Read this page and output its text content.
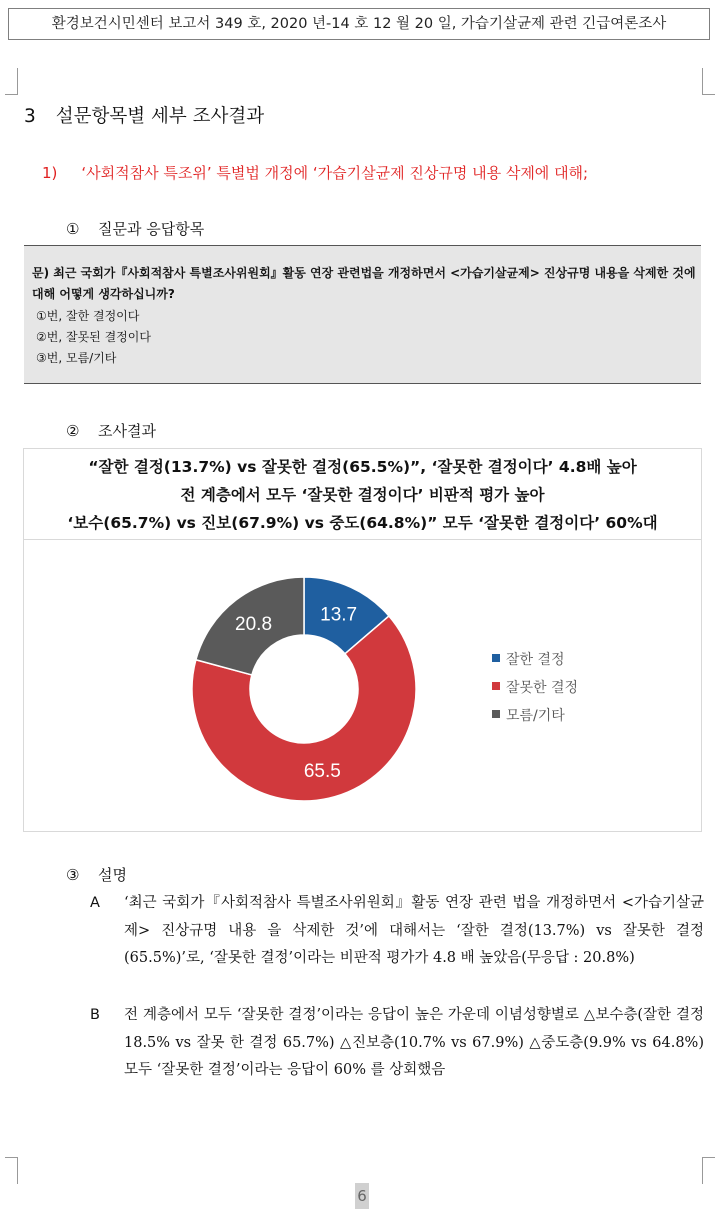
환경보건시민센터 보고서 349 호, 2020 년-14 호 12 월 20 일, 가습기살균제 관련 긴급여론조사
3 설문항목별 세부 조사결과
1) ‘사회적참사 특조위’ 특별법 개정에 ‘가습기살균제 진상규명 내용 삭제에 대해;
① 질문과 응답항목
문) 최근 국회가『사회적참사 특별조사위원회』활동 연장 관련법을 개정하면서 <가습기살균제> 진상규명 내용을 삭제한 것에 대해 어떻게 생각하십니까?
①번, 잘한 결정이다
②번, 잘못된 결정이다
③번, 모름/기타
② 조사결과
“잘한 결정(13.7%) vs 잘못한 결정(65.5%)”, ‘잘못한 결정이다’ 4.8배 높아
전 계층에서 모두 ‘잘못한 결정이다’ 비판적 평가 높아
‘보수(65.7%) vs 진보(67.9%) vs 중도(64.8%)” 모두 ‘잘못한 결정이다’ 60%대
13.7
65.5
20.8
잘한 결정
잘못한 결정
모름/기타
③ 설명
A ‘최근 국회가『사회적참사 특별조사위원회』활동 연장 관련 법을 개정하면서 <가습기살균제> 진상규명 내용 을 삭제한 것’에 대해서는 ‘잘한 결정(13.7%) vs 잘못한 결정(65.5%)’로, ‘잘못한 결정’이라는 비판적 평가가 4.8 배 높았음(무응답 : 20.8%)
B 전 계층에서 모두 ‘잘못한 결정’이라는 응답이 높은 가운데 이념성향별로 △보수층(잘한 결정 18.5% vs 잘못 한 결정 65.7%) △진보층(10.7% vs 67.9%) △중도층(9.9% vs 64.8%) 모두 ‘잘못한 결정’이라는 응답이 60% 를 상회했음
6
